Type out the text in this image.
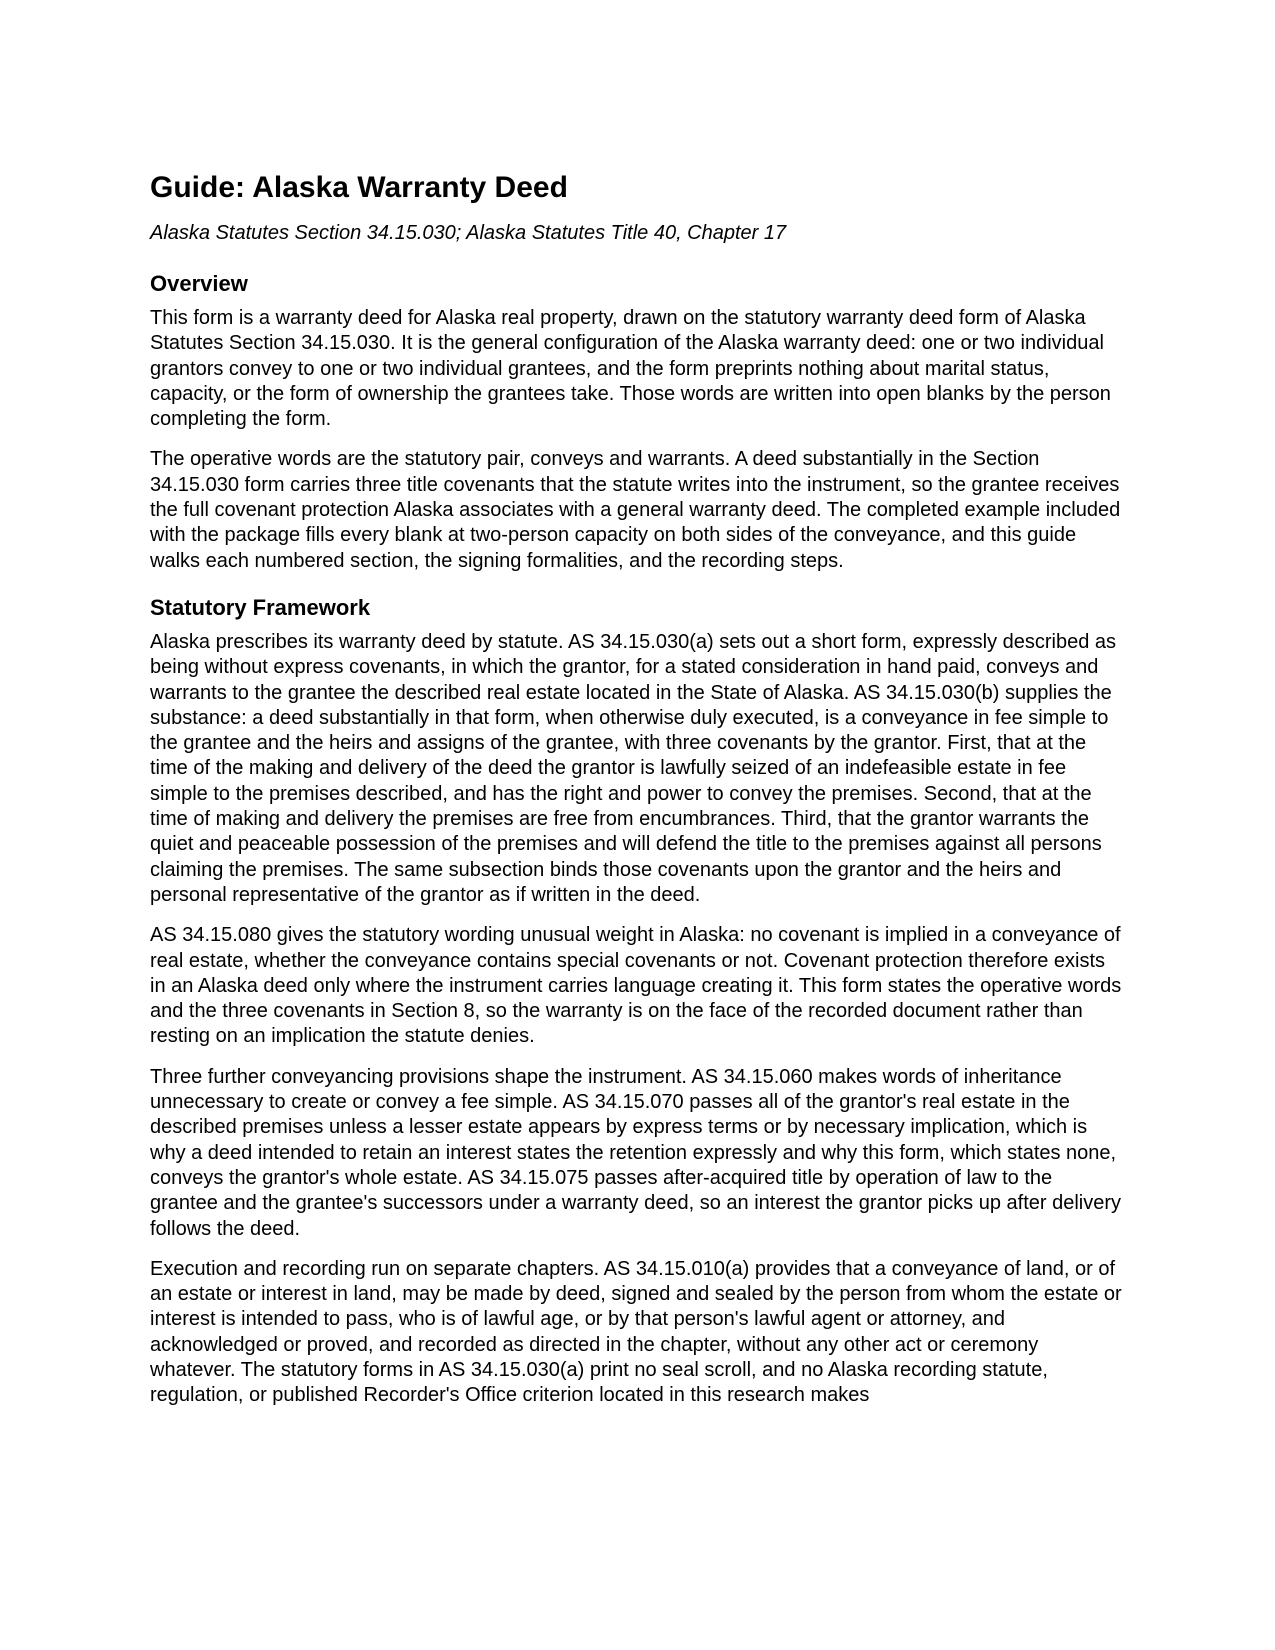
Guide: Alaska Warranty Deed
Alaska Statutes Section 34.15.030; Alaska Statutes Title 40, Chapter 17
Overview

This form is a warranty deed for Alaska real property, drawn on the statutory warranty deed form of Alaska Statutes Section 34.15.030. It is the general configuration of the Alaska warranty deed: one or two individual grantors convey to one or two individual grantees, and the form preprints nothing about marital status, capacity, or the form of ownership the grantees take. Those words are written into open blanks by the person completing the form.

The operative words are the statutory pair, conveys and warrants. A deed substantially in the Section 34.15.030 form carries three title covenants that the statute writes into the instrument, so the grantee receives the full covenant protection Alaska associates with a general warranty deed. The completed example included with the package fills every blank at two-person capacity on both sides of the conveyance, and this guide walks each numbered section, the signing formalities, and the recording steps.

Statutory Framework

Alaska prescribes its warranty deed by statute. AS 34.15.030(a) sets out a short form, expressly described as being without express covenants, in which the grantor, for a stated consideration in hand paid, conveys and warrants to the grantee the described real estate located in the State of Alaska. AS 34.15.030(b) supplies the substance: a deed substantially in that form, when otherwise duly executed, is a conveyance in fee simple to the grantee and the heirs and assigns of the grantee, with three covenants by the grantor. First, that at the time of the making and delivery of the deed the grantor is lawfully seized of an indefeasible estate in fee simple to the premises described, and has the right and power to convey the premises. Second, that at the time of making and delivery the premises are free from encumbrances. Third, that the grantor warrants the quiet and peaceable possession of the premises and will defend the title to the premises against all persons claiming the premises. The same subsection binds those covenants upon the grantor and the heirs and personal representative of the grantor as if written in the deed.

AS 34.15.080 gives the statutory wording unusual weight in Alaska: no covenant is implied in a conveyance of real estate, whether the conveyance contains special covenants or not. Covenant protection therefore exists in an Alaska deed only where the instrument carries language creating it. This form states the operative words and the three covenants in Section 8, so the warranty is on the face of the recorded document rather than resting on an implication the statute denies.

Three further conveyancing provisions shape the instrument. AS 34.15.060 makes words of inheritance unnecessary to create or convey a fee simple. AS 34.15.070 passes all of the grantor's real estate in the described premises unless a lesser estate appears by express terms or by necessary implication, which is why a deed intended to retain an interest states the retention expressly and why this form, which states none, conveys the grantor's whole estate. AS 34.15.075 passes after-acquired title by operation of law to the grantee and the grantee's successors under a warranty deed, so an interest the grantor picks up after delivery follows the deed.

Execution and recording run on separate chapters. AS 34.15.010(a) provides that a conveyance of land, or of an estate or interest in land, may be made by deed, signed and sealed by the person from whom the estate or interest is intended to pass, who is of lawful age, or by that person's lawful agent or attorney, and acknowledged or proved, and recorded as directed in the chapter, without any other act or ceremony whatever. The statutory forms in AS 34.15.030(a) print no seal scroll, and no Alaska recording statute, regulation, or published Recorder's Office criterion located in this research makes
